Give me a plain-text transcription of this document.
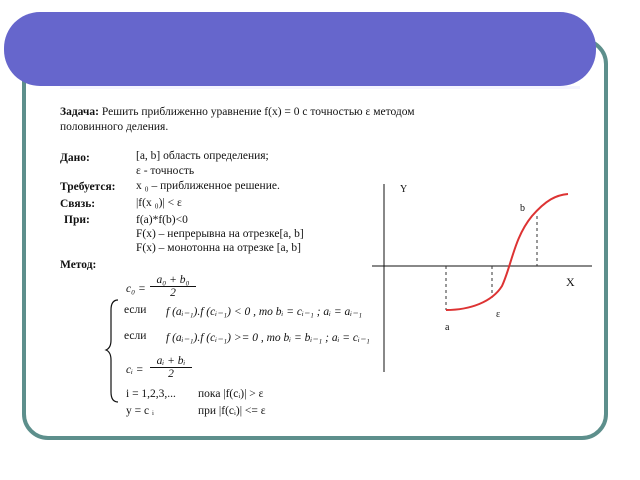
Задача: Решить приближенно уравнение f(x) = 0 с точностью ε методом
половинного деления.
Дано:	[a, b] область определения;
ε - точность
Требуется: x ₀ – приближенное решение.
Связь:	|f(x ₀)| < ε
При:	f(a)*f(b)<0
F(x) – непрерывна на отрезке[a, b]
F(x) – монотонна на отрезке [a, b]
Метод:
$c_0 = \frac{\text{a₀ + b₀}}{2}$
если f (aᵢ₋₁).f (cᵢ₋₁) < 0 , то bᵢ = cᵢ₋₁ ; aᵢ = aᵢ₋₁
если f (aᵢ₋₁).f (cᵢ₋₁) >= 0 , то bᵢ = bᵢ₋₁ ; aᵢ = cᵢ₋₁
cᵢ = $\frac{\text{aᵢ + bᵢ}}{2}$
i = 1,2,3,... пока |f(cᵢ)| > ε
y = c ᵢ	при |f(cᵢ)| <= ε
Y
X
a
b
ε
